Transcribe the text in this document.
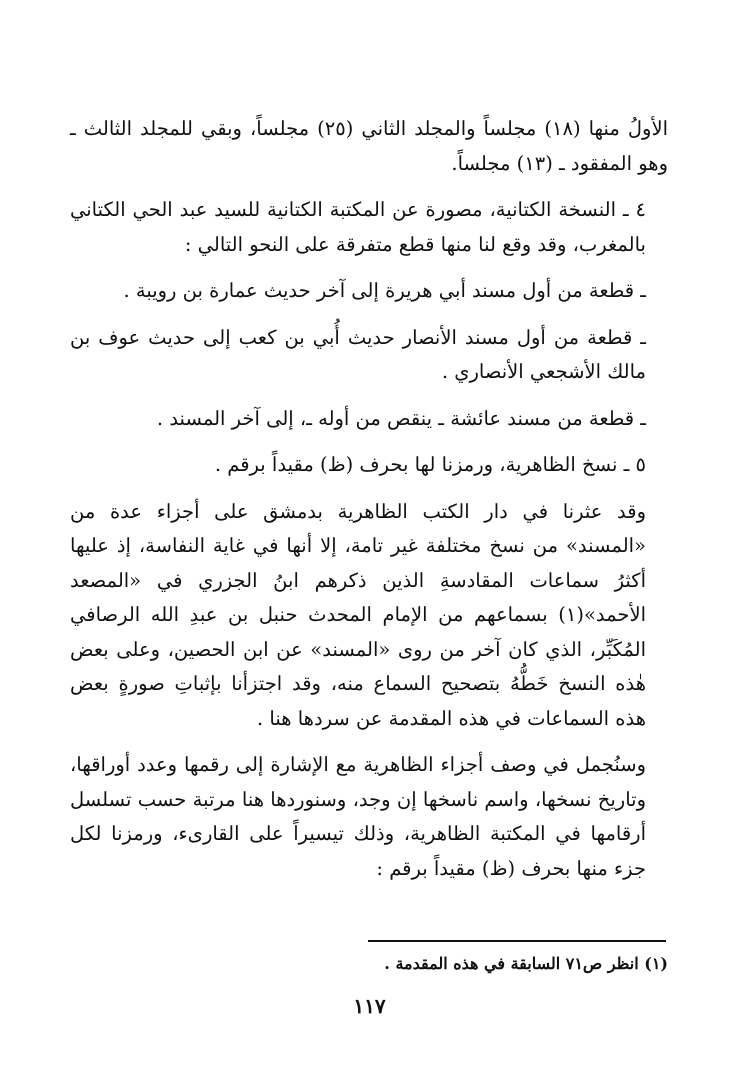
الأولُ منها (١٨) مجلساً والمجلد الثاني (٢٥) مجلساً، وبقي للمجلد الثالث ـ وهو المفقود ـ (١٣) مجلساً.

٤ ـ النسخة الكتانية، مصورة عن المكتبة الكتانية للسيد عبد الحي الكتاني بالمغرب، وقد وقع لنا منها قطع متفرقة على النحو التالي :

ـ قطعة من أول مسند أبي هريرة إلى آخر حديث عمارة بن رويبة .

ـ قطعة من أول مسند الأنصار حديث أُبي بن كعب إلى حديث عوف بن مالك الأشجعي الأنصاري .

ـ قطعة من مسند عائشة ـ ينقص من أوله ـ، إلى آخر المسند .

٥ ـ نسخ الظاهرية، ورمزنا لها بحرف (ظ) مقيداً برقم .

وقد عثرنا في دار الكتب الظاهرية بدمشق على أجزاء عدة من «المسند» من نسخ مختلفة غير تامة، إلا أنها في غاية النفاسة، إذ عليها أكثرُ سماعات المقادسةِ الذين ذكرهم ابنُ الجزري في «المصعد الأحمد»(١) بسماعهم من الإمام المحدث حنبل بن عبدِ الله الرصافي المُكَبِّر، الذي كان آخر من روى «المسند» عن ابن الحصين، وعلى بعض هٰذه النسخ خَطُّهُ بتصحيح السماع منه، وقد اجتزأنا بإثباتِ صورةٍ بعض هذه السماعات في هذه المقدمة عن سردها هنا .

وسنُجمل في وصف أجزاء الظاهرية مع الإشارة إلى رقمها وعدد أوراقها، وتاريخ نسخها، واسم ناسخها إن وجد، وسنوردها هنا مرتبة حسب تسلسل أرقامها في المكتبة الظاهرية، وذلك تيسيراً على القارىء، ورمزنا لكل جزء منها بحرف (ظ) مقيداً برقم :

(١) انظر ص٧١ السابقة في هذه المقدمة .
١١٧
